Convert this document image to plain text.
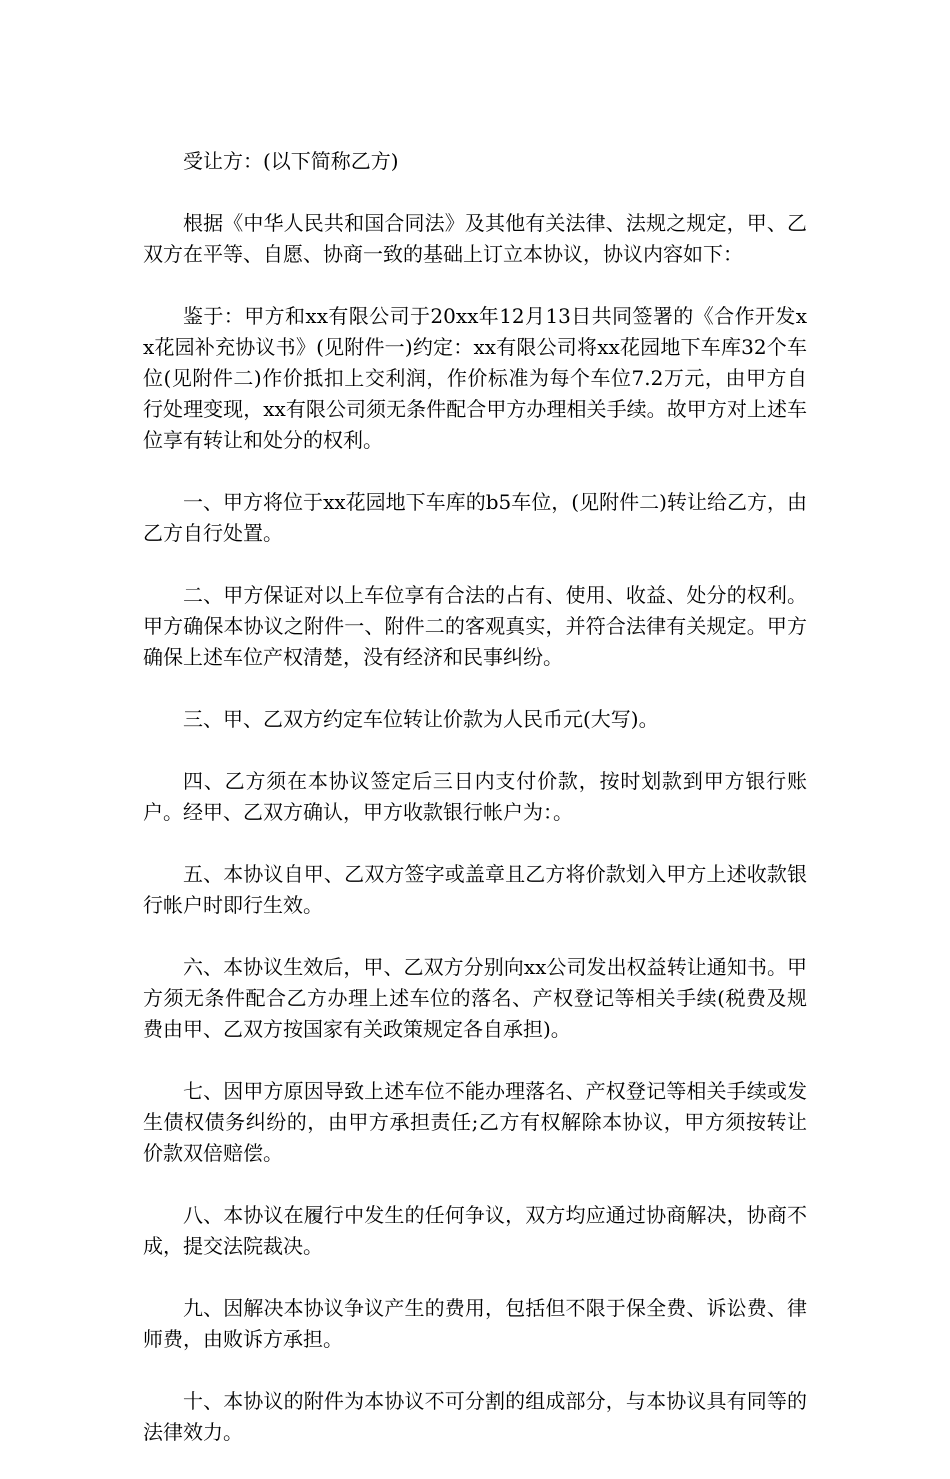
受让方：(以下简称乙方)

根据《中华人民共和国合同法》及其他有关法律、法规之规定，甲、乙双方在平等、自愿、协商一致的基础上订立本协议，协议内容如下：

鉴于：甲方和xx有限公司于20xx年12月13日共同签署的《合作开发xx花园补充协议书》(见附件一)约定：xx有限公司将xx花园地下车库32个车位(见附件二)作价抵扣上交利润，作价标准为每个车位7.2万元，由甲方自行处理变现，xx有限公司须无条件配合甲方办理相关手续。故甲方对上述车位享有转让和处分的权利。

一、甲方将位于xx花园地下车库的b5车位，(见附件二)转让给乙方，由乙方自行处置。

二、甲方保证对以上车位享有合法的占有、使用、收益、处分的权利。甲方确保本协议之附件一、附件二的客观真实，并符合法律有关规定。甲方确保上述车位产权清楚，没有经济和民事纠纷。

三、甲、乙双方约定车位转让价款为人民币元(大写)。

四、乙方须在本协议签定后三日内支付价款，按时划款到甲方银行账户。经甲、乙双方确认，甲方收款银行帐户为：。

五、本协议自甲、乙双方签字或盖章且乙方将价款划入甲方上述收款银行帐户时即行生效。

六、本协议生效后，甲、乙双方分别向xx公司发出权益转让通知书。甲方须无条件配合乙方办理上述车位的落名、产权登记等相关手续(税费及规费由甲、乙双方按国家有关政策规定各自承担)。

七、因甲方原因导致上述车位不能办理落名、产权登记等相关手续或发生债权债务纠纷的，由甲方承担责任;乙方有权解除本协议，甲方须按转让价款双倍赔偿。

八、本协议在履行中发生的任何争议，双方均应通过协商解决，协商不成，提交法院裁决。

九、因解决本协议争议产生的费用，包括但不限于保全费、诉讼费、律师费，由败诉方承担。

十、本协议的附件为本协议不可分割的组成部分，与本协议具有同等的法律效力。
